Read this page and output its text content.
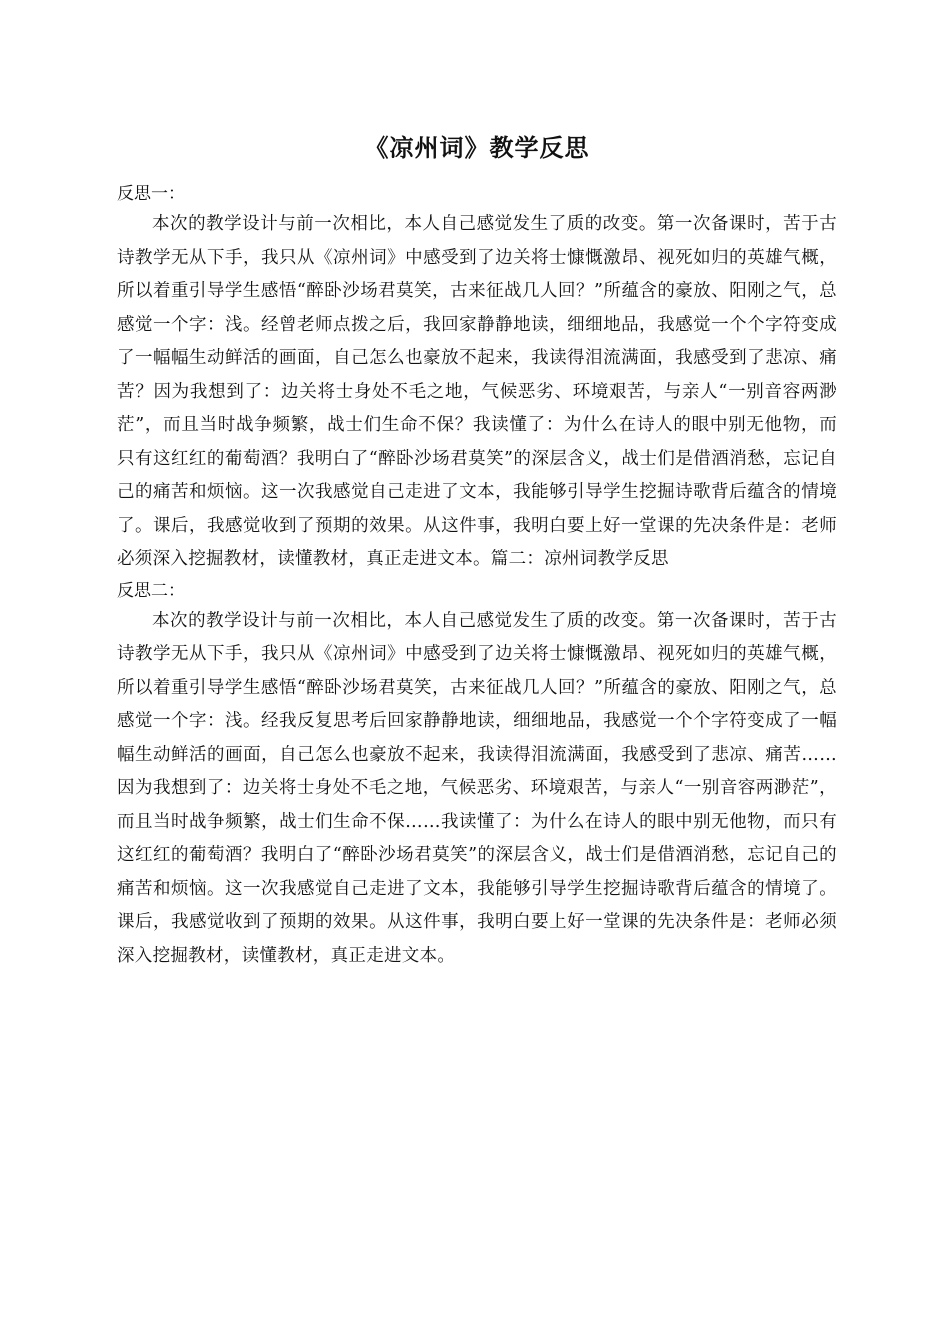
《凉州词》教学反思

反思一：

本次的教学设计与前一次相比，本人自己感觉发生了质的改变。第一次备课时，苦于古诗教学无从下手，我只从《凉州词》中感受到了边关将士慷慨激昂、视死如归的英雄气概，所以着重引导学生感悟“醉卧沙场君莫笑，古来征战几人回？”所蕴含的豪放、阳刚之气，总感觉一个字：浅。经曾老师点拨之后，我回家静静地读，细细地品，我感觉一个个字符变成了一幅幅生动鲜活的画面，自己怎么也豪放不起来，我读得泪流满面，我感受到了悲凉、痛苦？因为我想到了：边关将士身处不毛之地，气候恶劣、环境艰苦，与亲人“一别音容两渺茫”，而且当时战争频繁，战士们生命不保？我读懂了：为什么在诗人的眼中别无他物，而只有这红红的葡萄酒？我明白了“醉卧沙场君莫笑”的深层含义，战士们是借酒消愁，忘记自己的痛苦和烦恼。这一次我感觉自己走进了文本，我能够引导学生挖掘诗歌背后蕴含的情境了。课后，我感觉收到了预期的效果。从这件事，我明白要上好一堂课的先决条件是：老师必须深入挖掘教材，读懂教材，真正走进文本。篇二：凉州词教学反思

反思二：

本次的教学设计与前一次相比，本人自己感觉发生了质的改变。第一次备课时，苦于古诗教学无从下手，我只从《凉州词》中感受到了边关将士慷慨激昂、视死如归的英雄气概，所以着重引导学生感悟“醉卧沙场君莫笑，古来征战几人回？”所蕴含的豪放、阳刚之气，总感觉一个字：浅。经我反复思考后回家静静地读，细细地品，我感觉一个个字符变成了一幅幅生动鲜活的画面，自己怎么也豪放不起来，我读得泪流满面，我感受到了悲凉、痛苦……因为我想到了：边关将士身处不毛之地，气候恶劣、环境艰苦，与亲人“一别音容两渺茫”，而且当时战争频繁，战士们生命不保……我读懂了：为什么在诗人的眼中别无他物，而只有这红红的葡萄酒？我明白了“醉卧沙场君莫笑”的深层含义，战士们是借酒消愁，忘记自己的痛苦和烦恼。这一次我感觉自己走进了文本，我能够引导学生挖掘诗歌背后蕴含的情境了。课后，我感觉收到了预期的效果。从这件事，我明白要上好一堂课的先决条件是：老师必须深入挖掘教材，读懂教材，真正走进文本。
